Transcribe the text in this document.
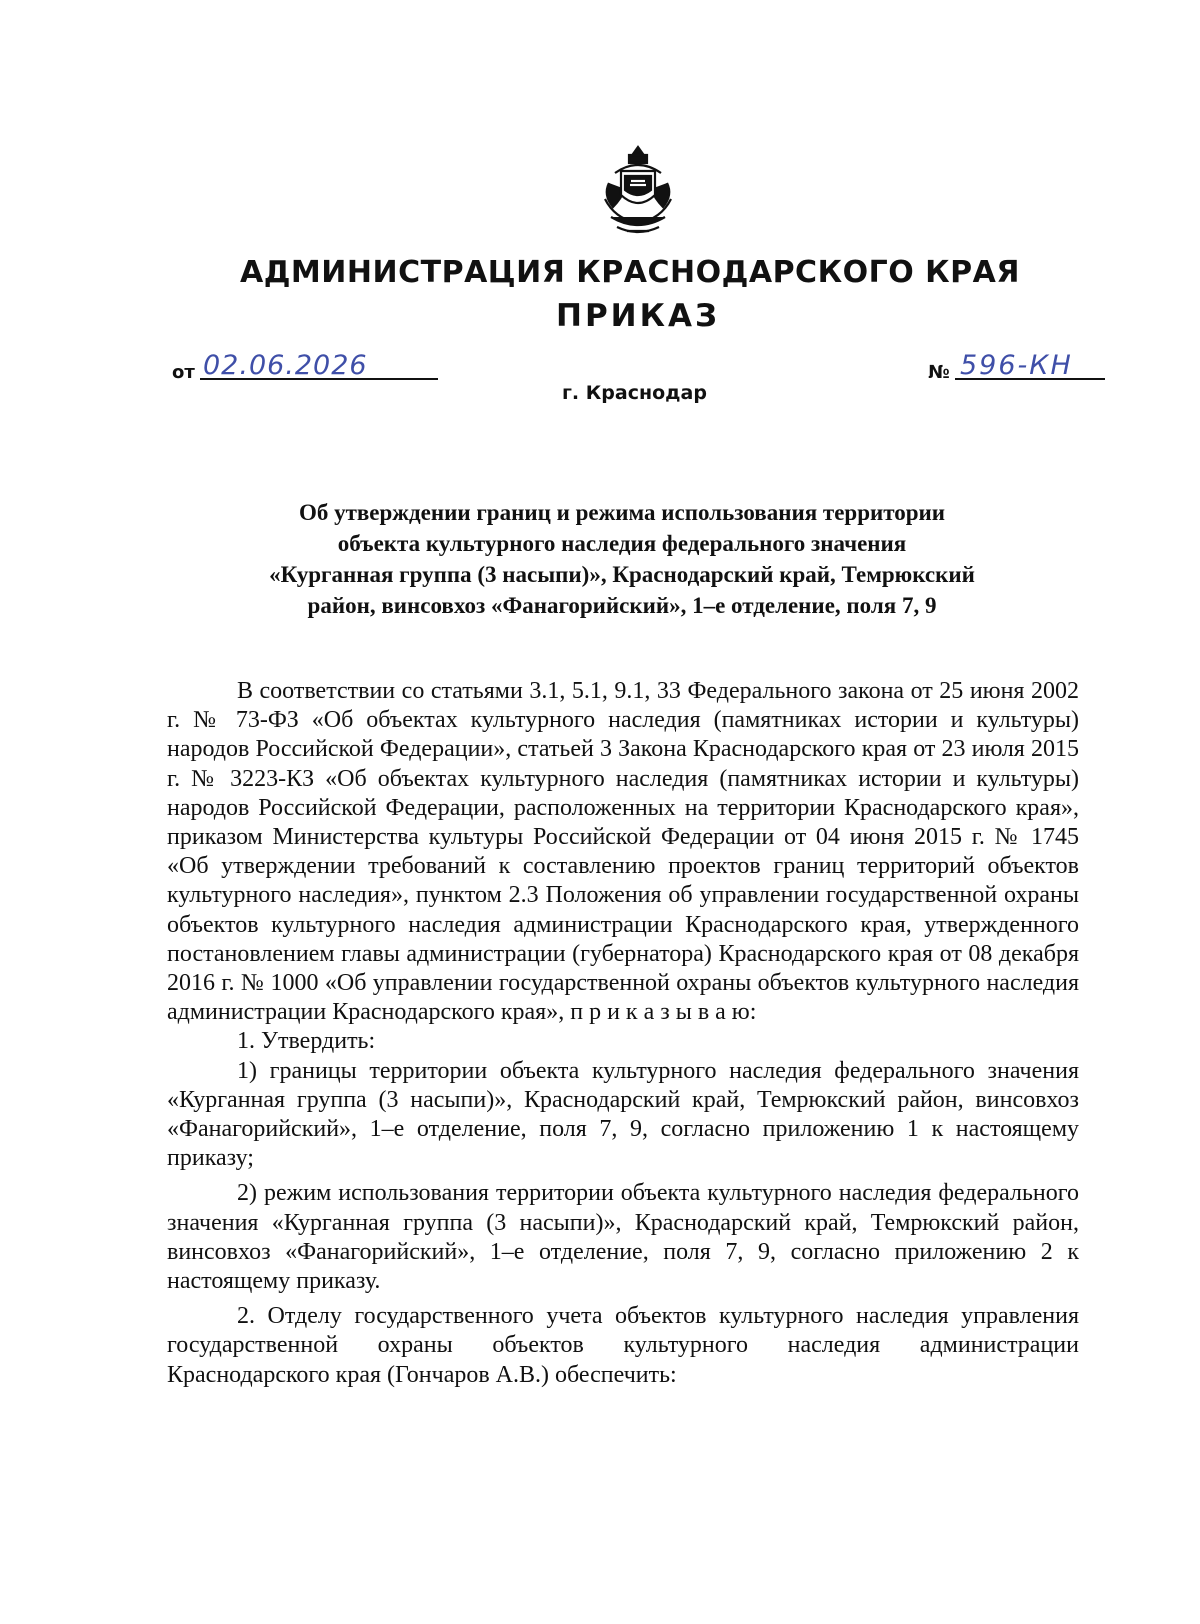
АДМИНИСТРАЦИЯ КРАСНОДАРСКОГО КРАЯ
ПРИКАЗ
от 02.06.2026
г. Краснодар
№ 596-КН
Об утверждении границ и режима использования территории
объекта культурного наследия федерального значения
«Курганная группа (3 насыпи)», Краснодарский край, Темрюкский
район, винсовхоз «Фанагорийский», 1–е отделение, поля 7, 9

В соответствии со статьями 3.1, 5.1, 9.1, 33 Федерального закона от 25 июня 2002 г. № 73-ФЗ «Об объектах культурного наследия (памятниках истории и культуры) народов Российской Федерации», статьей 3 Закона Краснодарского края от 23 июля 2015 г. № 3223-КЗ «Об объектах культурного наследия (памятниках истории и культуры) народов Российской Федерации, расположенных на территории Краснодарского края», приказом Министерства культуры Российской Федерации от 04 июня 2015 г. № 1745 «Об утверждении требований к составлению проектов границ территорий объектов культурного наследия», пунктом 2.3 Положения об управлении государственной охраны объектов культурного наследия администрации Краснодарского края, утвержденного постановлением главы администрации (губернатора) Краснодарского края от 08 декабря 2016 г. № 1000 «Об управлении государственной охраны объектов культурного наследия администрации Краснодарского края», п р и к а з ы в а ю:

1. Утвердить:

1) границы территории объекта культурного наследия федерального значения «Курганная группа (3 насыпи)», Краснодарский край, Темрюкский район, винсовхоз «Фанагорийский», 1–е отделение, поля 7, 9, согласно приложению 1 к настоящему приказу;

2) режим использования территории объекта культурного наследия федерального значения «Курганная группа (3 насыпи)», Краснодарский край, Темрюкский район, винсовхоз «Фанагорийский», 1–е отделение, поля 7, 9, согласно приложению 2 к настоящему приказу.

2. Отделу государственного учета объектов культурного наследия управления государственной охраны объектов культурного наследия администрации Краснодарского края (Гончаров А.В.) обеспечить:
